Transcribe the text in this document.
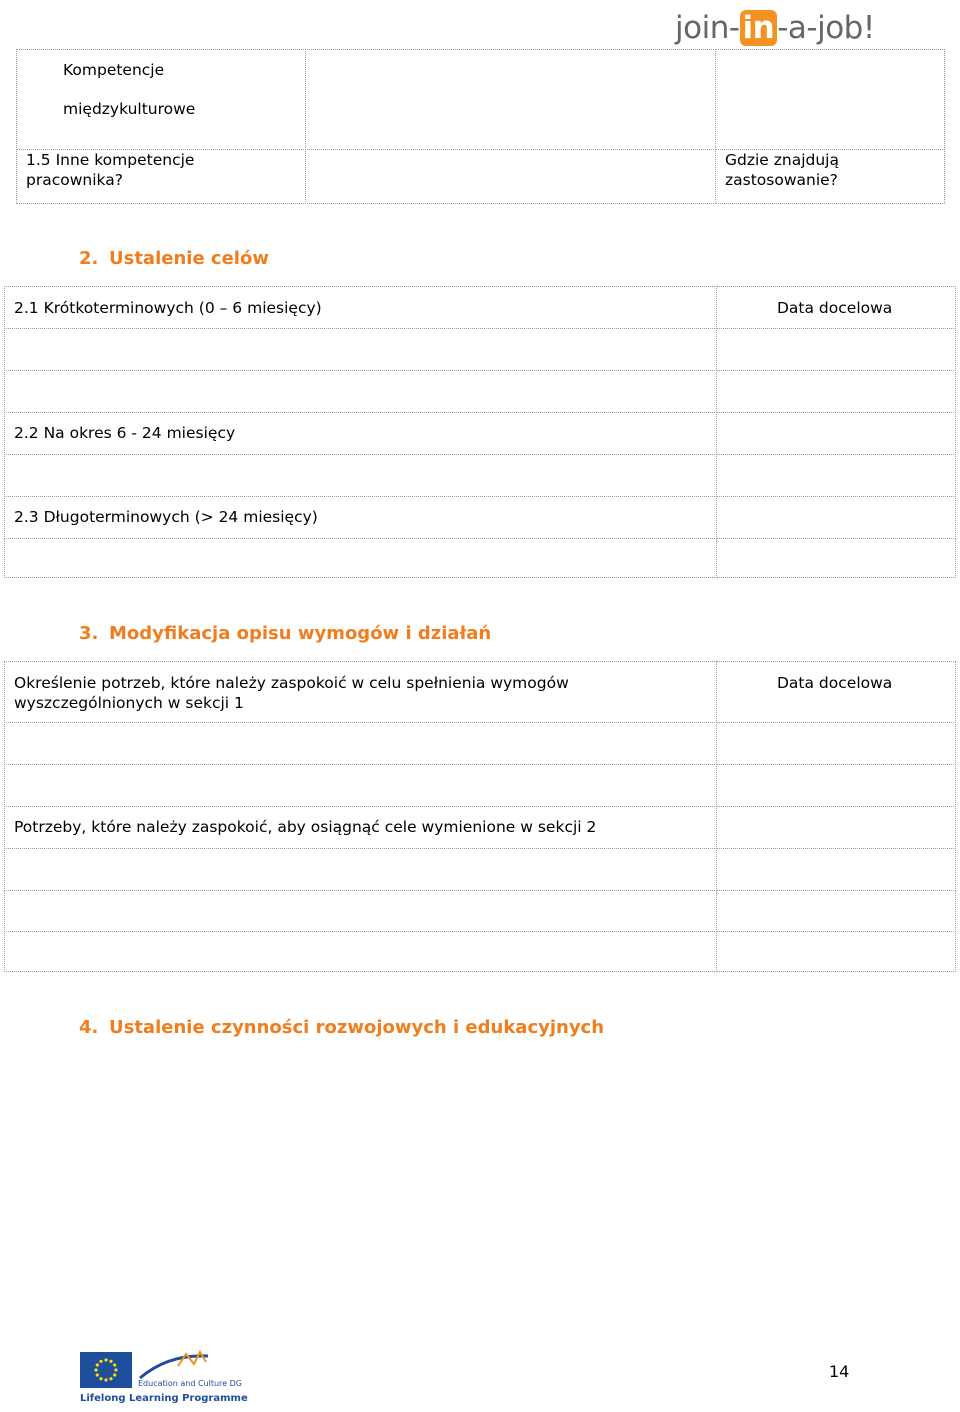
join-in-a-job!
Kompetencje

międzykulturowe
1.5 Inne kompetencje
pracownika?
Gdzie znajdują
zastosowanie?
2. Ustalenie celów
2.1 Krótkoterminowych (0 – 6 miesięcy)	Data docelowa
2.2 Na okres 6 - 24 miesięcy
2.3 Długoterminowych (> 24 miesięcy)
3. Modyfikacja opisu wymogów i działań
Określenie potrzeb, które należy zaspokoić w celu spełnienia wymogów
wyszczególnionych w sekcji 1
Data docelowa
Potrzeby, które należy zaspokoić, aby osiągnąć cele wymienione w sekcji 2
4. Ustalenie czynności rozwojowych i edukacyjnych
Education and Culture DG
Lifelong Learning Programme
14
